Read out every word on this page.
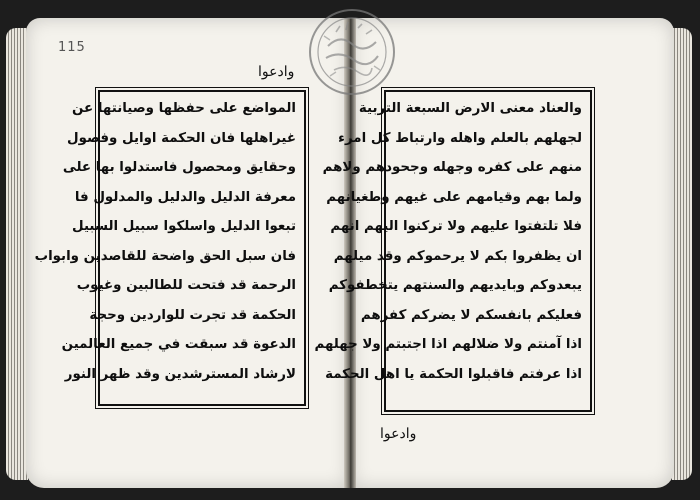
115
وادعوا
المواضع على حفظها وصيانتها عن
غيراهلها فان الحكمة اوايل وفصول
وحقايق ومحصول فاستدلوا بها على
معرفة الدليل والدليل والمدلول فا
تبعوا الدليل واسلكوا سبيل السبيل
فان سبل الحق واضحة للقاصدين وابواب
الرحمة قد فتحت للطالبين وغيوب
الحكمة قد تجرت للواردين وحجة
الدعوة قد سبقت في جميع العالمين
لارشاد المسترشدين وقد ظهر النور
والعناد معنى الارض السبعة التربية
لجهلهم بالعلم واهله وارتباط كل امرء
منهم على كفره وجهله وجحودهم ولاهم
ولما بهم وقيامهم على غيهم وطغيانهم
فلا تلتفتوا عليهم ولا تركنوا اليهم انهم
ان يظفروا بكم لا يرحموكم وقد ميلهم
يبعدوكم وبايديهم والسنتهم يتخطفوكم
فعليكم بانفسكم لا يضركم كفرهم
اذا آمنتم ولا ضلالهم اذا اجتبتم ولا جهلهم
اذا عرفتم فاقبلوا الحكمة يا اهل الحكمة
وادعوا
